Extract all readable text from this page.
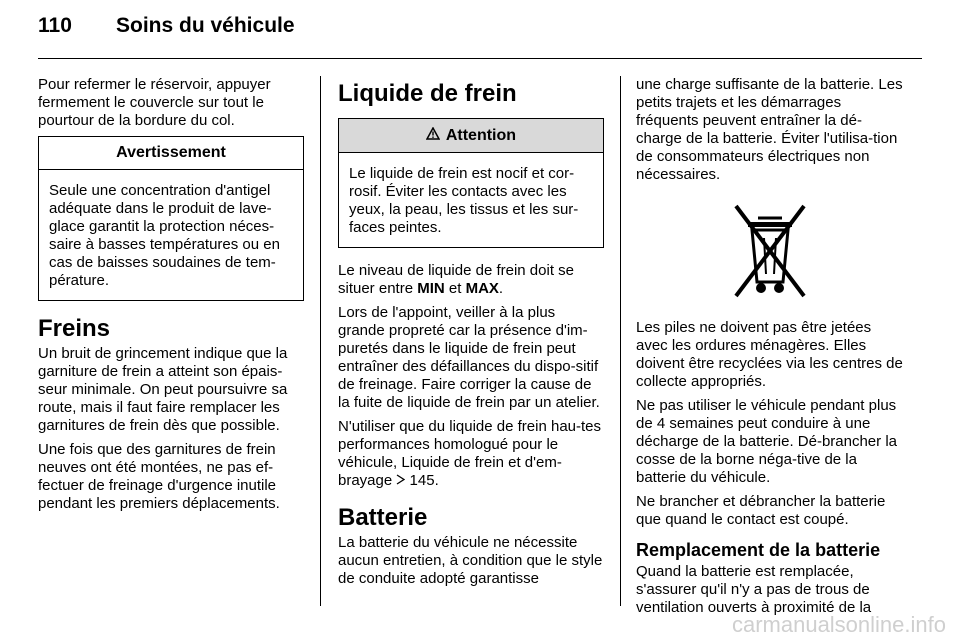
110	Soins du véhicule

Pour refermer le réservoir, appuyer fermement le couvercle sur tout le pourtour de la bordure du col.

Avertissement
Seule une concentration d'antigel adéquate dans le produit de lave-glace garantit la protection néces-saire à basses températures ou en cas de baisses soudaines de tem-pérature.
Freins

Un bruit de grincement indique que la garniture de frein a atteint son épais-seur minimale. On peut poursuivre sa route, mais il faut faire remplacer les garnitures de frein dès que possible.

Une fois que des garnitures de frein neuves ont été montées, ne pas ef-fectuer de freinage d'urgence inutile pendant les premiers déplacements.

Liquide de frein
Attention
Le liquide de frein est nocif et cor-rosif. Éviter les contacts avec les yeux, la peau, les tissus et les sur-faces peintes.

Le niveau de liquide de frein doit se situer entre MIN et MAX.

Lors de l'appoint, veiller à la plus grande propreté car la présence d'im-puretés dans le liquide de frein peut entraîner des défaillances du dispo-sitif de freinage. Faire corriger la cause de la fuite de liquide de frein par un atelier.

N'utiliser que du liquide de frein hau-tes performances homologué pour le véhicule, Liquide de frein et d'em-brayage  145.

Batterie

La batterie du véhicule ne nécessite aucun entretien, à condition que le style de conduite adopté garantisse

une charge suffisante de la batterie. Les petits trajets et les démarrages fréquents peuvent entraîner la dé-charge de la batterie. Éviter l'utilisa-tion de consommateurs électriques non nécessaires.

Les piles ne doivent pas être jetées avec les ordures ménagères. Elles doivent être recyclées via les centres de collecte appropriés.

Ne pas utiliser le véhicule pendant plus de 4 semaines peut conduire à une décharge de la batterie. Dé-brancher la cosse de la borne néga-tive de la batterie du véhicule.

Ne brancher et débrancher la batterie que quand le contact est coupé.

Remplacement de la batterie

Quand la batterie est remplacée, s'assurer qu'il n'y a pas de trous de ventilation ouverts à proximité de la

carmanualsonline.info
